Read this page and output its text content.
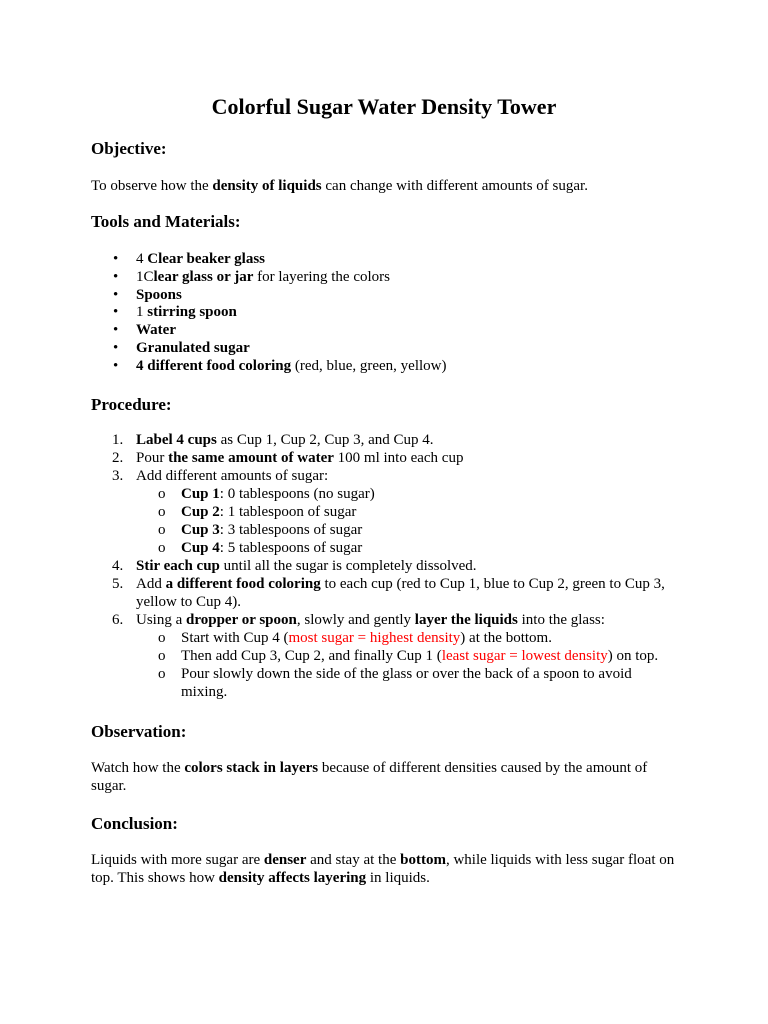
Colorful Sugar Water Density Tower
Objective:
To observe how the density of liquids can change with different amounts of sugar.
Tools and Materials:
• 4 Clear beaker glass
• 1Clear glass or jar for layering the colors
• Spoons
• 1 stirring spoon
• Water
• Granulated sugar
• 4 different food coloring (red, blue, green, yellow)
Procedure:
1. Label 4 cups as Cup 1, Cup 2, Cup 3, and Cup 4.
2. Pour the same amount of water 100 ml into each cup
3. Add different amounts of sugar:
o Cup 1: 0 tablespoons (no sugar)
o Cup 2: 1 tablespoon of sugar
o Cup 3: 3 tablespoons of sugar
o Cup 4: 5 tablespoons of sugar
4. Stir each cup until all the sugar is completely dissolved.
5. Add a different food coloring to each cup (red to Cup 1, blue to Cup 2, green to Cup 3, yellow to Cup 4).
6. Using a dropper or spoon, slowly and gently layer the liquids into the glass:
o Start with Cup 4 (most sugar = highest density) at the bottom.
o Then add Cup 3, Cup 2, and finally Cup 1 (least sugar = lowest density) on top.
o Pour slowly down the side of the glass or over the back of a spoon to avoid mixing.
Observation:
Watch how the colors stack in layers because of different densities caused by the amount of sugar.
Conclusion:
Liquids with more sugar are denser and stay at the bottom, while liquids with less sugar float on top. This shows how density affects layering in liquids.
